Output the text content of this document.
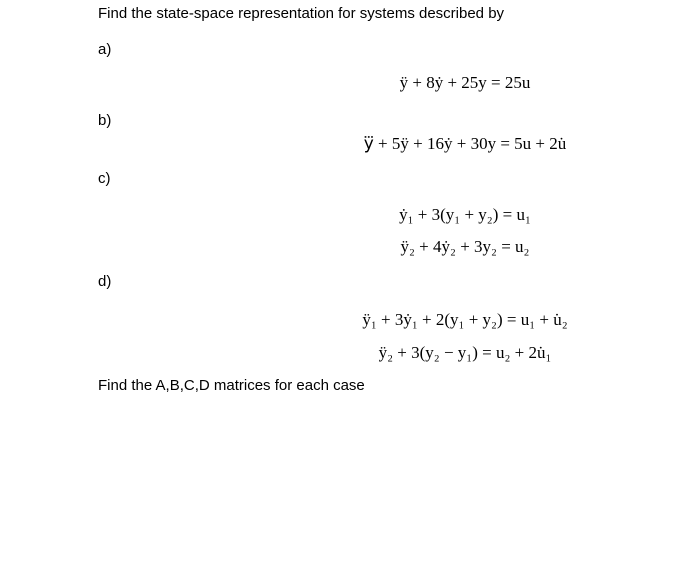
Find the state-space representation for systems described by
a)
ÿ + 8ẏ + 25y = 25u
b)
y⃛ + 5ÿ + 16ẏ + 30y = 5u + 2u̇
c)
ẏ₁ + 3(y₁ + y₂) = u₁
ÿ₂ + 4ẏ₂ + 3y₂ = u₂
d)
ÿ₁ + 3ẏ₁ + 2(y₁ + y₂) = u₁ + u̇₂
ÿ₂ + 3(y₂ − y₁) = u₂ + 2u̇₁
Find the A,B,C,D matrices for each case
